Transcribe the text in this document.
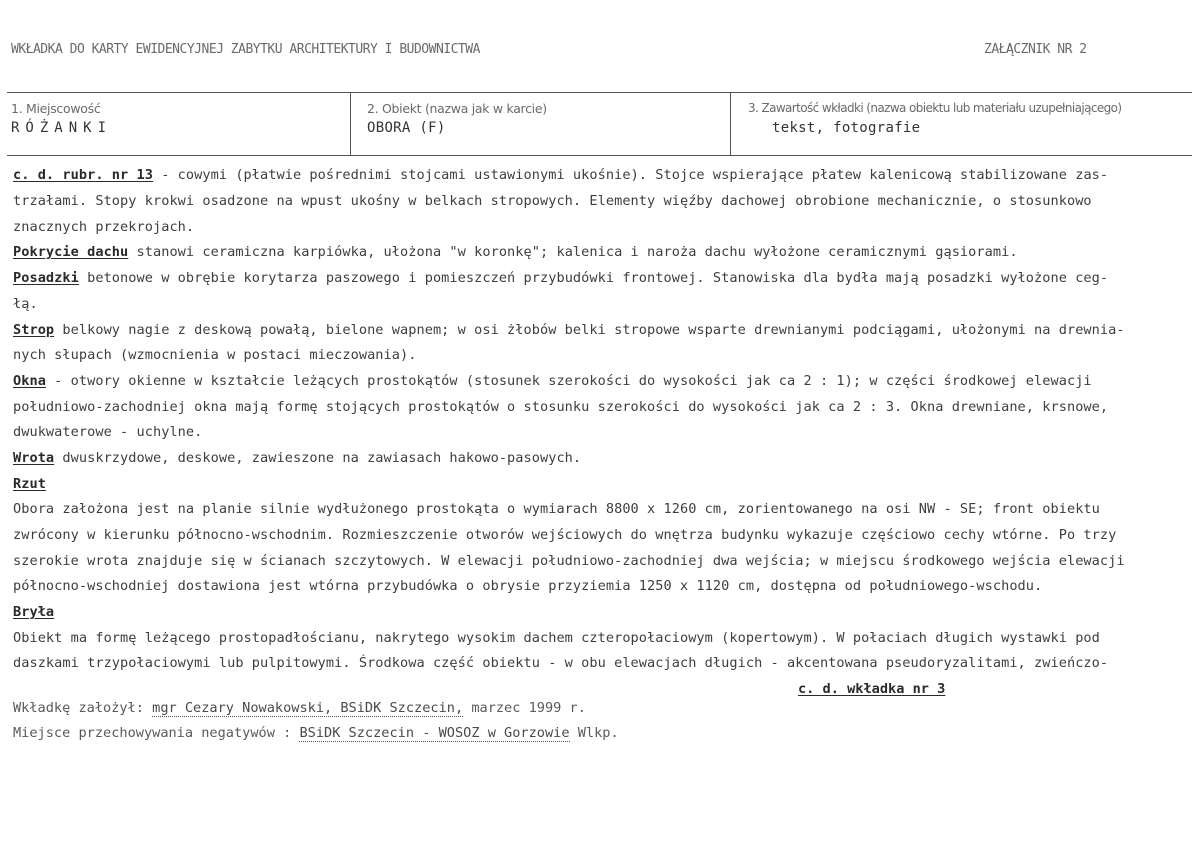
WKŁADKA DO KARTY EWIDENCYJNEJ ZABYTKU ARCHITEKTURY I BUDOWNICTWA	ZAŁĄCZNIK NR 2
1. Miejscowość
RÓŻANKI
2. Obiekt (nazwa jak w karcie)
OBORA (F)
3. Zawartość wkładki (nazwa obiektu lub materiału uzupełniającego)
tekst, fotografie
c. d. rubr. nr 13 - cowymi (płatwie pośrednimi stojcami ustawionymi ukośnie). Stojce wspierające płatew kalenicową stabilizowane zas-
trzałami. Stopy krokwi osadzone na wpust ukośny w belkach stropowych. Elementy więźby dachowej obrobione mechanicznie, o stosunkowo
znacznych przekrojach.
Pokrycie dachu stanowi ceramiczna karpiówka, ułożona "w koronkę"; kalenica i naroża dachu wyłożone ceramicznymi gąsiorami.
Posadzki betonowe w obrębie korytarza paszowego i pomieszczeń przybudówki frontowej. Stanowiska dla bydła mają posadzki wyłożone ceg-
łą.
Strop belkowy nagie z deskową powałą, bielone wapnem; w osi żłobów belki stropowe wsparte drewnianymi podciągami, ułożonymi na drewnia-
nych słupach (wzmocnienia w postaci mieczowania).
Okna - otwory okienne w kształcie leżących prostokątów (stosunek szerokości do wysokości jak ca 2 : 1); w części środkowej elewacji
południowo-zachodniej okna mają formę stojących prostokątów o stosunku szerokości do wysokości jak ca 2 : 3. Okna drewniane, krsnowe,
dwukwaterowe - uchylne.
Wrota dwuskrzydowe, deskowe, zawieszone na zawiasach hakowo-pasowych.
Rzut
Obora założona jest na planie silnie wydłużonego prostokąta o wymiarach 8800 x 1260 cm, zorientowanego na osi NW - SE; front obiektu
zwrócony w kierunku północno-wschodnim. Rozmieszczenie otworów wejściowych do wnętrza budynku wykazuje częściowo cechy wtórne. Po trzy
szerokie wrota znajduje się w ścianach szczytowych. W elewacji południowo-zachodniej dwa wejścia; w miejscu środkowego wejścia elewacji
północno-wschodniej dostawiona jest wtórna przybudówka o obrysie przyziemia 1250 x 1120 cm, dostępna od południowego-wschodu.
Bryła
Obiekt ma formę leżącego prostopadłościanu, nakrytego wysokim dachem czteropołaciowym (kopertowym). W połaciach długich wystawki pod
daszkami trzypołaciowymi lub pulpitowymi. Środkowa część obiektu - w obu elewacjach długich - akcentowana pseudoryzalitami, zwieńczo-
c. d. wkładka nr 3
Wkładkę założył: mgr Cezary Nowakowski, BSiDK Szczecin, marzec 1999 r.
Miejsce przechowywania negatywów : BSiDK Szczecin - WOSOZ w Gorzowie Wlkp.
